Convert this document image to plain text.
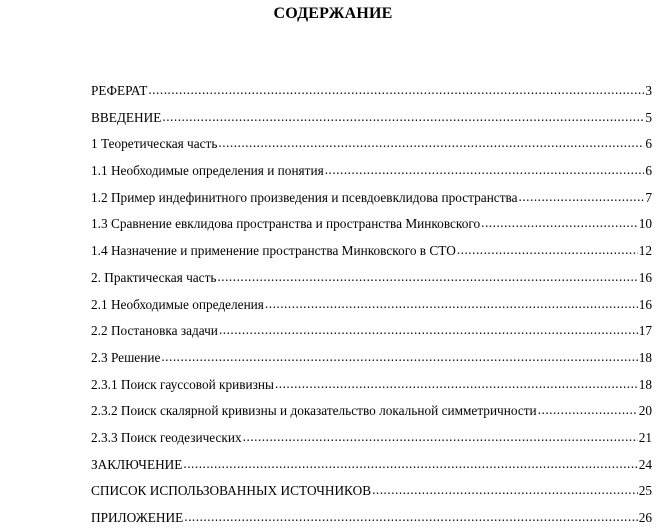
СОДЕРЖАНИЕ
РЕФЕРАТ .....	3
ВВЕДЕНИЕ .....	5
1 Теоретическая часть .....	6
1.1 Необходимые определения и понятия .....	6
1.2 Пример индефинитного произведения и псевдоевклидова пространства .....	7
1.3 Сравнение евклидова пространства и пространства Минковского .....	10
1.4 Назначение и применение пространства Минковского в СТО .....	12
2. Практическая часть .....	16
2.1 Необходимые определения .....	16
2.2 Постановка задачи .....	17
2.3 Решение .....	18
2.3.1 Поиск гауссовой кривизны .....	18
2.3.2 Поиск скалярной кривизны и доказательство локальной симметричности .....	20
2.3.3 Поиск геодезических .....	21
ЗАКЛЮЧЕНИЕ .....	24
СПИСОК ИСПОЛЬЗОВАННЫХ ИСТОЧНИКОВ .....	25
ПРИЛОЖЕНИЕ .....	26
